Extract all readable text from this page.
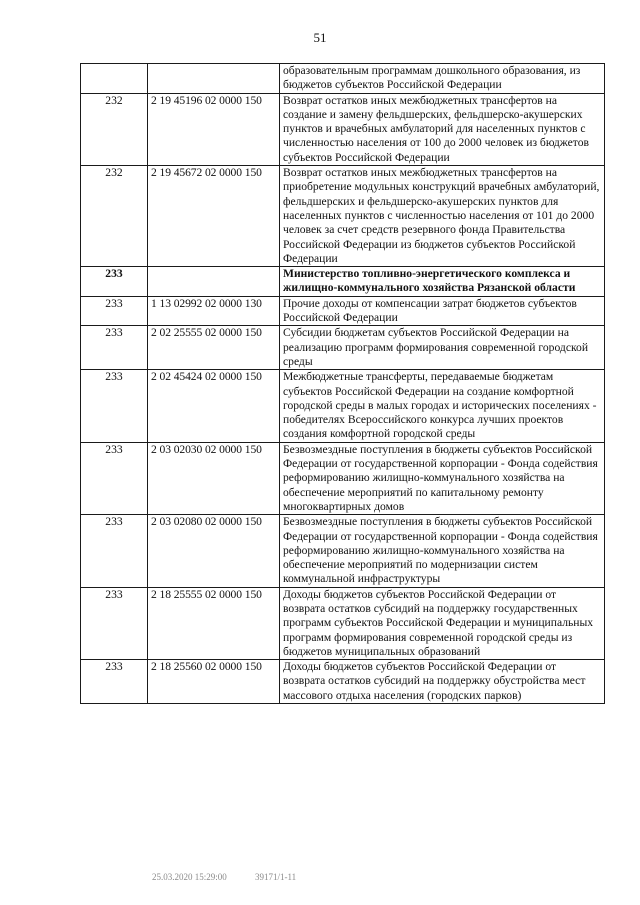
51
		образовательным программам дошкольного образования, из бюджетов субъектов Российской Федерации
232	2 19 45196 02 0000 150	Возврат остатков иных межбюджетных трансфертов на создание и замену фельдшерских, фельдшерско-акушерских пунктов и врачебных амбулаторий для населенных пунктов с численностью населения от 100 до 2000 человек из бюджетов субъектов Российской Федерации
232	2 19 45672 02 0000 150	Возврат остатков иных межбюджетных трансфертов на приобретение модульных конструкций врачебных амбулаторий, фельдшерских и фельдшерско-акушерских пунктов для населенных пунктов с численностью населения от 101 до 2000 человек за счет средств резервного фонда Правительства Российской Федерации из бюджетов субъектов Российской Федерации
233		Министерство топливно-энергетического комплекса и жилищно-коммунального хозяйства Рязанской области
233	1 13 02992 02 0000 130	Прочие доходы от компенсации затрат бюджетов субъектов Российской Федерации
233	2 02 25555 02 0000 150	Субсидии бюджетам субъектов Российской Федерации на реализацию программ формирования современной городской среды
233	2 02 45424 02 0000 150	Межбюджетные трансферты, передаваемые бюджетам субъектов Российской Федерации на создание комфортной городской среды в малых городах и исторических поселениях - победителях Всероссийского конкурса лучших проектов создания комфортной городской среды
233	2 03 02030 02 0000 150	Безвозмездные поступления в бюджеты субъектов Российской Федерации от государственной корпорации - Фонда содействия реформированию жилищно-коммунального хозяйства на обеспечение мероприятий по капитальному ремонту многоквартирных домов
233	2 03 02080 02 0000 150	Безвозмездные поступления в бюджеты субъектов Российской Федерации от государственной корпорации - Фонда содействия реформированию жилищно-коммунального хозяйства на обеспечение мероприятий по модернизации систем коммунальной инфраструктуры
233	2 18 25555 02 0000 150	Доходы бюджетов субъектов Российской Федерации от возврата остатков субсидий на поддержку государственных программ субъектов Российской Федерации и муниципальных программ формирования современной городской среды из бюджетов муниципальных образований
233	2 18 25560 02 0000 150	Доходы бюджетов субъектов Российской Федерации от возврата остатков субсидий на поддержку обустройства мест массового отдыха населения (городских парков)
25.03.2020 15:29:00	39171/1-11
